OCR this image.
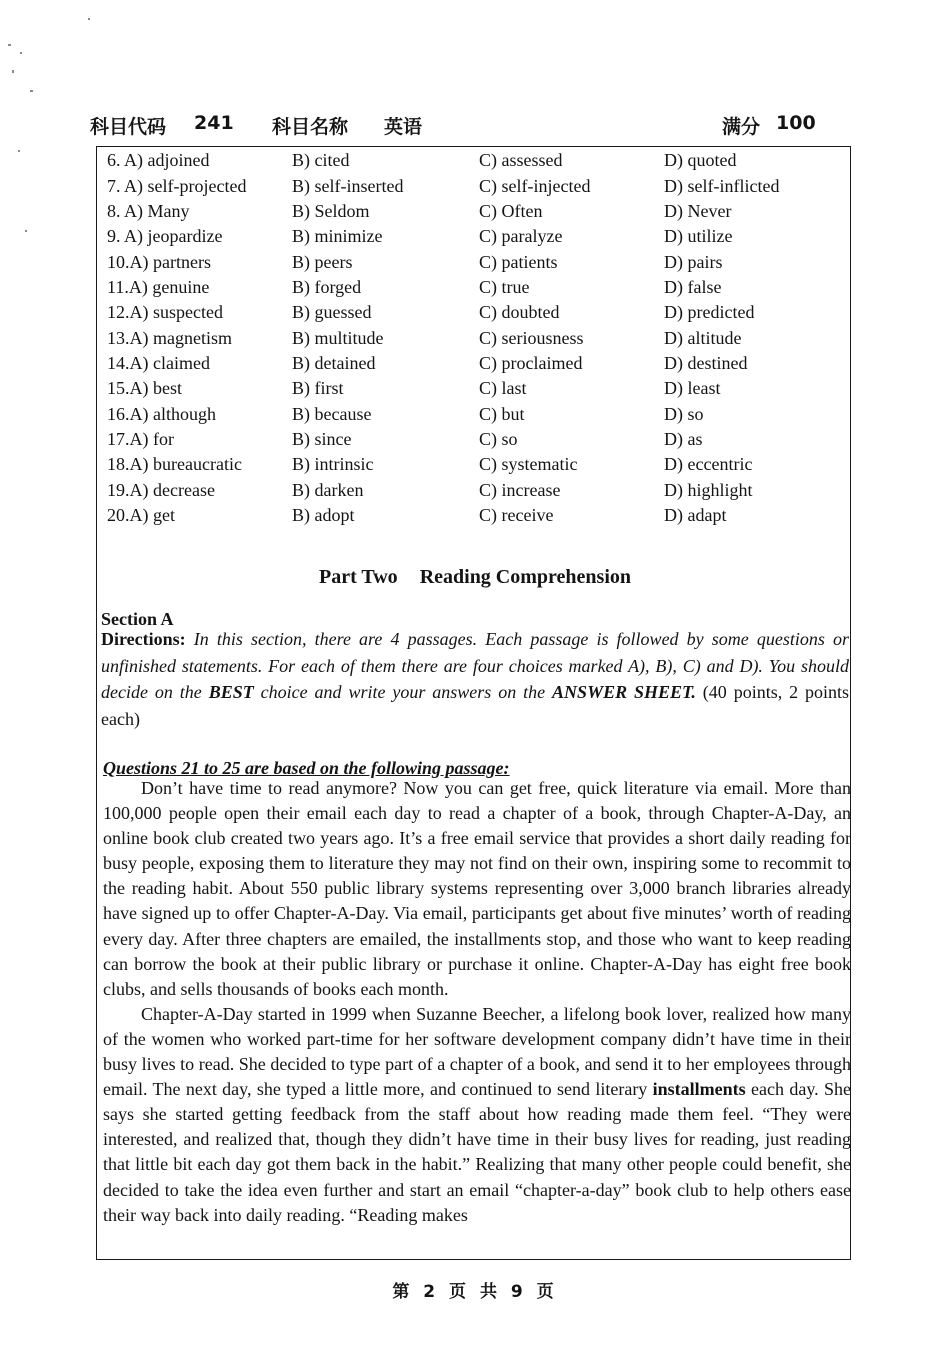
科目代码 241 科目名称 英语	满分 100
6. A) adjoined	B) cited	C) assessed	D) quoted
7. A) self-projected	B) self-inserted	C) self-injected	D) self-inflicted
8. A) Many	B) Seldom	C) Often	D) Never
9. A) jeopardize	B) minimize	C) paralyze	D) utilize
10.A) partners	B) peers	C) patients	D) pairs
11.A) genuine	B) forged	C) true	D) false
12.A) suspected	B) guessed	C) doubted	D) predicted
13.A) magnetism	B) multitude	C) seriousness	D) altitude
14.A) claimed	B) detained	C) proclaimed	D) destined
15.A) best	B) first	C) last	D) least
16.A) although	B) because	C) but	D) so
17.A) for	B) since	C) so	D) as
18.A) bureaucratic	B) intrinsic	C) systematic	D) eccentric
19.A) decrease	B) darken	C) increase	D) highlight
20.A) get	B) adopt	C) receive	D) adapt
Part Two Reading Comprehension
Section A
Directions: In this section, there are 4 passages. Each passage is followed by some questions or unfinished statements. For each of them there are four choices marked A), B), C) and D). You should decide on the BEST choice and write your answers on the ANSWER SHEET. (40 points, 2 points each)
Questions 21 to 25 are based on the following passage:

Don’t have time to read anymore? Now you can get free, quick literature via email. More than 100,000 people open their email each day to read a chapter of a book, through Chapter-A-Day, an online book club created two years ago. It’s a free email service that provides a short daily reading for busy people, exposing them to literature they may not find on their own, inspiring some to recommit to the reading habit. About 550 public library systems representing over 3,000 branch libraries already have signed up to offer Chapter-A-Day. Via email, participants get about five minutes’ worth of reading every day. After three chapters are emailed, the installments stop, and those who want to keep reading can borrow the book at their public library or purchase it online. Chapter-A-Day has eight free book clubs, and sells thousands of books each month.

Chapter-A-Day started in 1999 when Suzanne Beecher, a lifelong book lover, realized how many of the women who worked part-time for her software development company didn’t have time in their busy lives to read. She decided to type part of a chapter of a book, and send it to her employees through email. The next day, she typed a little more, and continued to send literary installments each day. She says she started getting feedback from the staff about how reading made them feel. “They were interested, and realized that, though they didn’t have time in their busy lives for reading, just reading that little bit each day got them back in the habit.” Realizing that many other people could benefit, she decided to take the idea even further and start an email “chapter-a-day” book club to help others ease their way back into daily reading. “Reading makes

第 2 页 共 9 页
